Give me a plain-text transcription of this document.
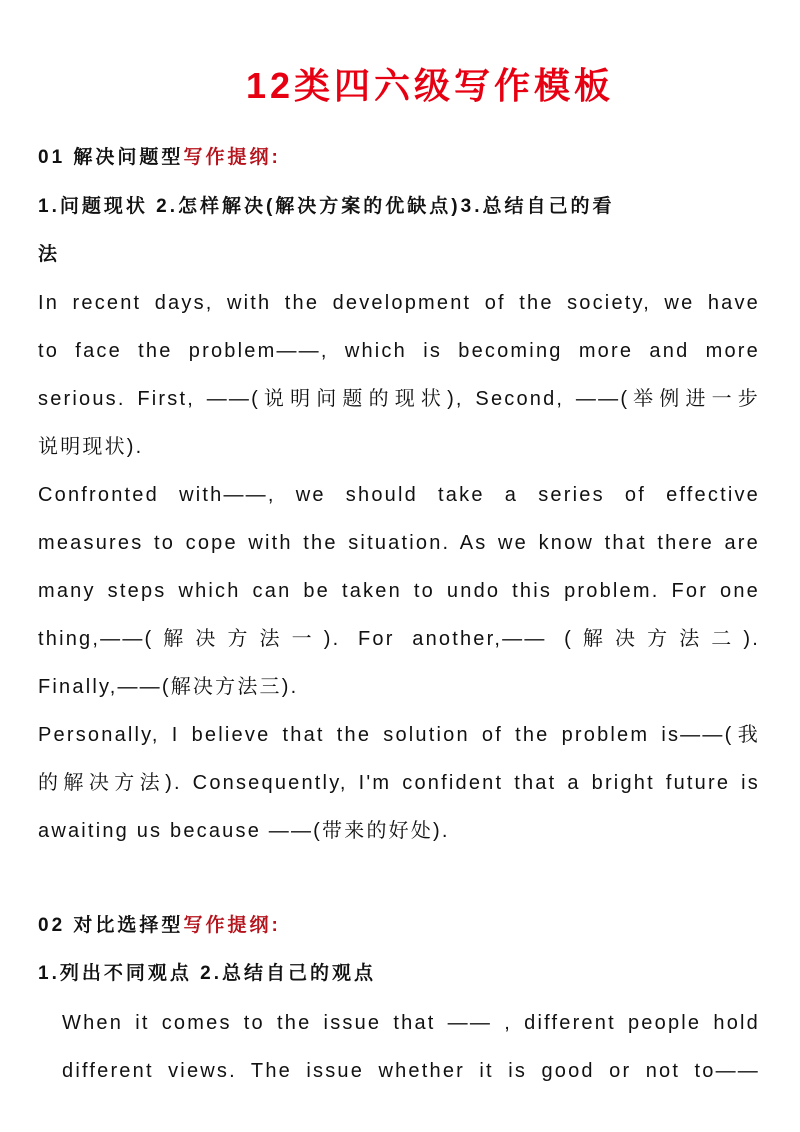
12类四六级写作模板
01 解决问题型写作提纲:
1.问题现状 2.怎样解决(解决方案的优缺点)3.总结自己的看
法
In recent days, with the development of the society, we have
to face the problem——, which is becoming more and more
serious. First, ——(说明问题的现状), Second, ——(举例进一步
说明现状).
Confronted with——, we should take a series of effective
measures to cope with the situation. As we know that there are
many steps which can be taken to undo this problem. For one
thing,——(解决方法一). For another,—— (解决方法二).
Finally,——(解决方法三).
Personally, I believe that the solution of the problem is——(我
的解决方法). Consequently, I'm confident that a bright future is
awaiting us because ——(带来的好处).
02 对比选择型写作提纲:
1.列出不同观点 2.总结自己的观点
When it comes to the issue that —— , different people hold
different views. The issue whether it is good or not to——
